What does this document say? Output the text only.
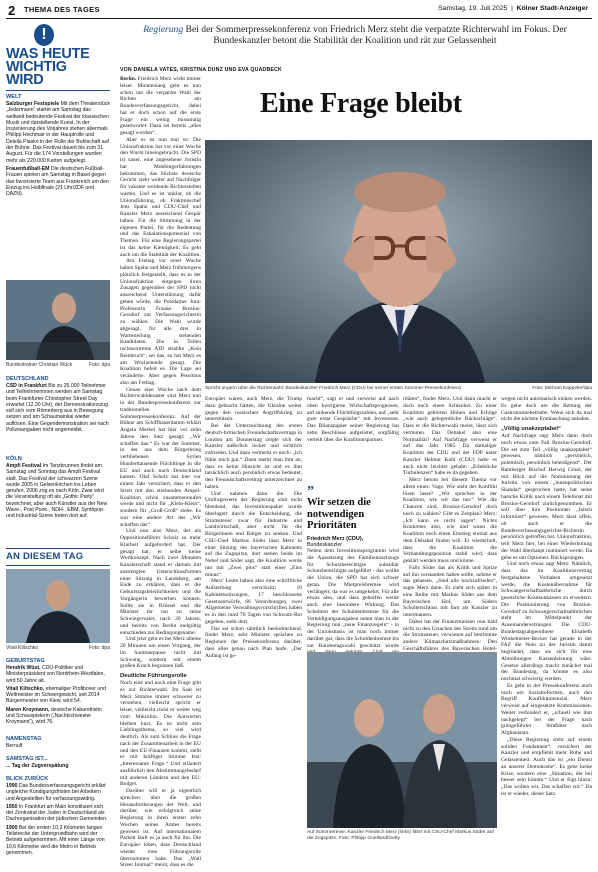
2 THEMA DES TAGES	Samstag, 19. Juli 2025  |  Kölner Stadt-Anzeiger
!
WAS HEUTE
WICHTIG
WIRD
WELT

Salzburger Festspiele Mit dem Theaterstück „Jedermann“ startet am Samstag das weltweit bedeutende Festival der klassischen Musik und darstellende Kunst. In der Inszenierung des Vorjahres stehen abermals Philipp Hochmair in der Hauptrolle und Deleila Piasko in der Rolle der Buhlschaft auf der Bühne. Das Festival dauert bis zum 31. August. Für die 174 Vorstellungen wurden mehr als 220.000 Karten aufgelegt.

Frauenfußball-EM Die deutschen Fußball-Frauen spielen am Samstag in Basel gegen das favorisierte Team aus Frankreich um den Einzug ins Halbfinale (21 Uhr/ZDF und DAZN).

Bundestrainer Christian Wück	Foto: dpa
DEUTSCHLAND

CSD in Frankfurt Bis zu 25.000 Teilnehmer und Teilnehmerinnen werden am Samstag beim Frankfurter Christopher Street Day erwartet (12.30 Uhr), der Demonstrationszug soll sich vom Römerberg aus in Bewegung setzen und am Schaumainkai wieder auflösen. Eine Gegendemonstration sei nach Polizeiangaben nicht angemeldet.

KÖLN

Ampfi Festival Im Tanzbrunnen findet am Samstag und Sonntag das Ampfi Festival statt. Das Festival der schwarzen Szene wurde 2005 in Gelsenkirchen ins Leben gerufen, 2006 zog es nach Köln. Zwar wird die Veranstaltung oft als „Gothic Party“ bezeichnet, aber auch Künstler aus der New Wave-, Post Punk-, NDH-, EBM, Synthpop- und Industrial-Szene treten dort auf.

AN DIESEM TAG
Vitali Klitschko	Foto: dpa
GEBURTSTAG

Hendrik Wüst, CDU-Politiker und Ministerpräsident von Nordrhein-Westfalen, wird 50 Jahre alt.

Vitali Klitschko, ehemaliger Profiboxer und Weltmeister im Schwergewicht, seit 2014 Bürgermeister von Kiew, wird 54.

Maren Kroymann, deutsche Kabarettistin und Schauspielerin („Nachtschwester Kroymann“), wird 76.

NAMENSTAG

Bernulf

SAMSTAG IST...

... Tag der Zugverspätung

BLICK ZURÜCK

1990 Das Bundesverfassungsgericht erklärt ungleiche Kündigungsfristen bei Arbeitern und Angestellten für verfassungswidrig.

1950 In Frankfurt am Main konstituiert sich der Zentralrat der Juden in Deutschland als Dachorganisation der jüdischen Gemeinden.

1900 Bei der ersten 10,3 Kilometer langen Teilstrecke der Untergrundbahn wird der Betrieb aufgenommen. Mit einer Länge von 10,6 Kilometer wird die Metro in Betrieb genommen.

Regierung Bei der Sommerpressekonferenz von Friedrich Merz steht die verpatzte Richterwahl im Fokus. Der Bundeskanzler betont die Stabilität der Koalition und rät zur Gelassenheit
Eine Frage bleibt
VON DANIELA VATES, KRISTINA DUNZ UND EVA QUADBECK

Berlin. Friedrich Merz wirbt immer leiser. Minutenlang geht es nun schon um die verpatzte Wahl der Richter am Bundesverfassungsgericht, dabei hat er doch schon auf die erste Frage ein wenig missmutig geantwortet: Dazu sei bereits „alles gesagt worden“.

Aber es ist nun mal so: Die Unionsfraktion hat vor einer Woche den Wurm hineingebracht. Die SPD ist sauer, eine angesehene Juristin hat Mobbingerfahrungen bekommen, das höchste deutsche Gericht sieht weiter auf Nachfolger für vakante werdende Richterstellen warten. Und es ist unklar, ob die Unionsführung, ob Fraktionschef Jens Spahn und CDU-Chef und Kanzler Merz ausreichend Gespür haben. Für die Stimmung in der eigenen Partei, für die Bedeutung und das Eskalationspotenzial von Themen. Für eine Regierungspartei ist das keine Kleinigkeit: Es geht auch um die Stabilität der Koalition.

Am Freitag vor einer Woche haben Spahn und Merz frühmorgens plötzlich festgestellt, dass es in der Unionsfraktion entgegen ihren Zusagen gegenüber der SPD nicht ausreichend Unterstützung dafür geben würde, die Potsdamer Jura-Professorin Frauke Brosius-Gersdorf zur Verfassungsrichterin zu wählen. Die Wahl wurde abgesagt, für alle drei in Wartestellung stehenden Kandidaten. Die in Teilen rechtsextreme AfD strahlte „Kein Beinbruch“, sei das, so hat Merz es am Wochenende gesagt. Die Koalition befeit es. Die Lage sei veränderte. Aber gegen Pessimus also am Freitag.

Genau eine Woche nach dem Richterwahldesaster sitzt Merz nun in der Bundespressekonferenz zur traditionellen Sommerpressekonferenz. Auf der Bühne am Schiffbauerdamm erklärt Angela Merkel hat hier vor zehn Jahren den Satz gesagt: „Wir schaffen das.“ Es war der Sommer, in der aus dem Bürgerkrieg verbliebenen Syrien Hunderttausende Flüchtlinge in die EU und auch nach Deutschland kamen. Olaf Scholz hat hier vor einem Jahr versichert, dass er den Streit mit den streitenden Ampel-Koalition schon zusammenraufen werde und nicht für „Klein-Klein“, sondern für „Groß-Groß“ stehe. Es war eine andere Art des „Wir schaffen das“.

Und nun also Merz, der als Oppositionsführer Scholz so mehr Klarheit aufgefordert hat. Der gesagt hat, er selbe keine Wortkonzept. Nach zwei Monaten Kanzlerschaft stand er damals mit anstrengten Unterschlussformen einer Sitzung in Landsberg, am Ende zu erklären, dass er die Geburtstagsfeierlichkeiten und die Vorgängerin bewerben können. Sollte sie in Brüssel und die Minister ihr nur zu seine Schwiegervater, nach 20 Jahren, und bereits von Berlin endgültig entschieden zur Bedingungsname.

Und jetzt geht es bei Merz alleine 20 Minuten um einen Vorgang, der im Sommerpause nicht mit Schwung, sondern mit einem großen Krach begonnen ließ.

Deutliche Führungsrolle

Noch eine und noch eine Frage gibt es zur Richterwahl. Im Saal ist Merz Stimme immer schwerer zu verstehen, vielleicht spricht er leiser, vielleicht rückt er weiter weg vom Mikrofon. Die Antworten bleiben kurz. Es ist nicht sein Lieblingsthema, so viel wird deutlich. Als zum Schluss die Frage nach der Zusammenarbeit in der EU und den EU-Finanzen kommt, stellt er mit kräftiger Stimme fest: „Interessante Frage.“ Und erläutert ausführlich den Abstimmungsbedarf mit anderen Ländern und den EU-Budget.

Darüber will er ja eigentlich sprechen: über die großen Herausforderungen der Welt, und darüber, wie erfolgreich seine Regierung in ihren ersten zehn Wochen seines Amtes bereits gewesen ist. Auf internationalem Parkett läuft es ja auch für ihn. Die Europäer loben, dass Deutschland wieder eine Führungsrolle übernommen habe. Das „Wall Street Journal“ meint, dass es die

Spricht ungern über die Richterwahl: Bundeskanzler Friedrich Merz (CDU) bei seiner ersten Sommer-Pressekonferenz.	Foto: Michael Kappeler/dpa

Europäer waren, auch Merz, die Trump dazu gebracht hätten, die Ukraine weiter gegen den russischen Angriffskrieg zu unterstützen.

Bei der Unterzeichnung des ersten deutsch-britischen Freundschaftsvertrags in London am Donnerstag zeigte sich der Kanzler außerlich locker und sichtlich zufrieden. Und dazu vermerkt er noch: „Ich fühle mich gut.“ Dann merkt man ihm an, dass es keine Hinsicht ist und es ihm tatsächlich auch persönlich etwas bedeutet, den Freundschaftsvertrag unterzeichnet zu haben.

Und nahmen dann die: Die Umfragewerte der Regierung sind nicht blendend, das Investitionspaket wurde überlagert durch die Entscheidung, die Stromsteuer zwar für Industrie und Landwirtschaft, aber nicht für die Bürgerinnen und Bürger zu senken. Und CSU-Chef Markus Söder lässt Merz in einer Sitzung des bayerischen Kabinetts auf die Zugspitze, dort stehen beide im Nebel und Söder sagt, die Koalition werde nur mit „Zwei plus“ statt einer „Eins minus“.

Merz' Leute haben also eine schriftliche Aufstellung verschickt: 10 Kabinettssitzungen, 17 beschlossene Gesetzentwürfe, 66 Verordnungen, zwei Allgemeine Verwaltungsvorschriften haben es in den rund 70 Tagen von Schwarz-Rot gegeben, steht dort.

Das sei schon sämtlich beeindruckend, findet Merz, sehr Minister sprächen zu Regionen der Pressekonferenz darüber, dass alles genau nach Plan laufe. „Der Anfang ist ge-

macht“, sagt er und verweist auf nach oben korrigierte Wirtschaftsprognosen, auf sinkende Flüchtlingszahlen, auf „sehr gute erste Gespräche“ mit Investoren. Das Bilanzpapier seiner Regierung hat zehn Beschlüsse aufgelistet, sorgfältig verteilt über die Koalitionspartner.

”
Wir setzen die notwendigen Prioritäten
Friedrich Merz (CDU),
Bundeskanzler

Neben dem Investitionsprogramm wird die Aussetzung des Familiennachzugs für Schutzberechtigte subsidiär Schutzberechtigte aufgeführt - das wollte die Union, die SPD hat sich schwer getan. Die Mietpreisbremse wird verlängert, da war es umgekehrt. Für alle etwas also, und dass geholfen werde auch eine besondere Wirkung. Das Scheitern der Schuldenbremse für die Verteidigungsausgaben nennt man in der Regierung nun „neue Finanzregeln“ - in der Unionsbasis ist man noch immer darüber gar, dass die Schuldenbremse bis zur Bundestagswahl geschützt wurde

ritäten“, findet Merz. Und dann macht er doch noch einen Schlenker. Zu einer Koalition gehörten Höhen und Erfolge „wie auch gelegentliche Rückschläge“. Dass er die Richterwahl meint, lässt sich vermuten. Das Debakel also eine Normalität? Auf Nachfrage verweist er auf das Jahr 1985. Da damaliger Koalition der CDU und der FDP unter Kanzler Helmut Kohl (CDU) habe es auch nicht leichter gehabt: „Erhebliche Turbulenzen“ habe es da gegeben.

Merz betont bei diesem Thema vor allem eines: Vage. Wie sieht der Konflikt lösen lasse? „Wir sprechen in der Koalition, wie wir das tun.“ Wie die Chancen sind, Brosius-Gersdorf doch noch zu wählen? Gibt es Zeitplan? Merz: „Ich kann es nicht sagen“. Nichts Konkretes also, wie und wann die Koalition noch einen Einstieg einmal aus dem Debakel finden will. Er wiederholt, dass die Koalition die Verhandlungsposition stabil wird, dass geklärt werden muss und könne.

Falls Söder das als Kritik und Spitze auf ihn verstanden haben sollte, nehme er das gelassen. „Sind alle hochzufrieden“, sagte Merz dann. Er zieht sich später in eine Reihe mit Markus Söder aus dem Bayerischen Hof, um Söders Schulterschluss mit ihm als Kanzler zu untermauern.

Dabei hat der Finanzminister nun bald nicht zu den Ursachen des Streits rund um die Stromsteuer, verwiesen auf bestimmte andere Klimaschutzmaßnahmen: Den Geschäftsführer des Bayerischen Hotel-

Auf Sommerreise: Kanzler Friedrich Merz (links) fährt mit CSU-Chef Markus Söder auf die Zugspitze. Foto: Philipp Guelland/Getty

wegen nicht automatisch sinken werden. Es gehe doch um die Rettung der Gastronomiebetriebe. Wenn sich da mal nicht die nächste Enttäuschung anbahnt.

„Völlig unakzeptabel“

Auf Nachfrage sagt Merz dann doch noch etwas zum Fall Brosius-Gersdorf. Die sei zum Teil „völlig unakzeptabel“ gewesen, nämlich „persönlich, polemisch, persönlich beleidigend“. Der Bamberger Bischof Herwig Gössl, der mit Blick auf die Nominierung der Juristin von einem „innenpolitischen Skandal“ gesprochen hatte, hat seine harsche Kritik nach einem Telefonat mit Brosius-Gersdorf zurückgenommen. Er soll über ihre Positionen „falsch informiert“ gewesen. Merz lässt offen, ob auch er die Bundesverfassungsgerichts-Richterin persönlich getroffen hat. Unionsfraktion, teilt Merz hier, bei einer Wiederholung der Wahl überhaupt nominiert werde. Da gehe es um Optionen. Rücksprüngen.

Und noch etwas sagt Merz: Nämlich, dass das im Koalitionsvertrag festgehaltene Vorhaben umgesetzt werde, die Kostenübernahme für Schwangerschaftsabbrüche durch gesetzliche Krankenkassen zu erweitern. Die Positionierung von Brosius-Gersdorf zu Schwangerschaftsabbrüchen steht im Mittelpunkt der Auseinandersetzungen. Die CDU-Bundestagsabgeordnete Elisabeth Winkelmeier-Becker hat gerade in der FAZ die Nein zu der Juristin damit begründet, dass sie sich für eine Abtreibungen Kassenleistung wäre. Gesetze allerdings macht zunächst mal der Bundestag, da könnte es also nochmal schwierig werden.

Es geht in der Pressekonferenz auch noch um Sozialreformen, auch den Begriff Konfliktpotenzial. Merz verweist auf eingesetzte Kommissionen. Weiter verbindert er, „schnell wie ihm nachgelegt“ bei der Frage nach grüngeführter Straftäter nach Afghanistan.

„Diese Regierung steht auf einem soliden Fundament“, versichert der Kanzler und empfiehlt mehr Ruhe und Gelassenheit. Auch das ist „ein Dienst an unserer Demokratie“. Es gebe keine Krise, sondern eine „Situation, die bei besser sein könnte.“ Und er fügt hinzu: „Das wollen wir. Das schaffen wir.“ Da ist er wieder, dieser Satz.
